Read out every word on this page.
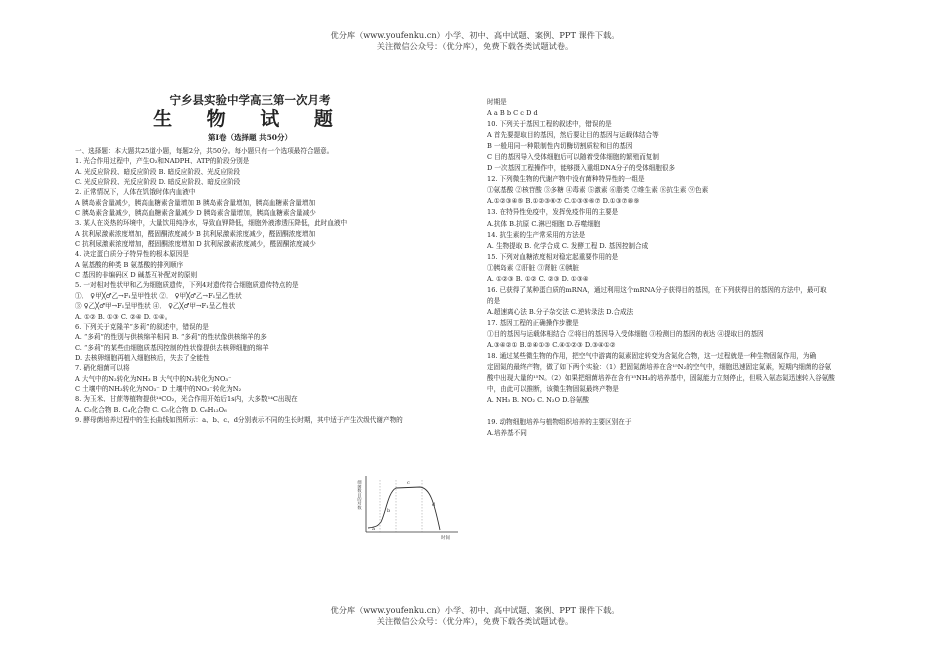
优分库（www.youfenku.cn）小学、初中、高中试题、案例、PPT 课件下载。
关注微信公众号：（优分库），免费下载各类试题试卷。
宁乡县实验中学高三第一次月考
生 物 试 题
第Ⅰ卷（选择题 共50分）
一、选择题：本大题共25道小题，每题2分，共50分。每小题只有一个选项最符合题意。
1. 光合作用过程中，产生O₂和NADPH、ATP的阶段分别是
A. 光反应阶段、暗反应阶段 B. 暗反应阶段、光反应阶段
C. 光反应阶段、光反应阶段 D. 暗反应阶段、暗反应阶段
2. 正常情况下，人体在饥饿时体内血液中
A 胰岛素含量减少，胰高血糖素含量增加 B 胰岛素含量增加，胰高血糖素含量增加
C 胰岛素含量减少，胰高血糖素含量减少 D 胰岛素含量增加，胰高血糖素含量减少
3. 某人在炎热的环境中，大量饮用纯净水，导致血钾降低，细胞外液渗透压降低，此时血液中
A 抗利尿激素浓度增加，醛固酮浓度减少 B 抗利尿激素浓度减少，醛固酮浓度增加
C 抗利尿激素浓度增加，醛固酮浓度增加 D 抗利尿激素浓度减少，醛固酮浓度减少
4. 决定蛋白质分子特异性的根本原因是
A 氨基酸的种类 B 氨基酸的排列顺序
C 基因的非编码区 D 碱基互补配对的原则
5. 一对相对性状甲和乙为细胞质遗传，下列4对遗传符合细胞质遗传特点的是
①． ♀甲╳♂乙→F₁呈甲性状 ②． ♀甲╳♂乙→F₁呈乙性状
③ ♀乙╳♂甲→F₁呈甲性状 ④． ♀乙╳♂甲→F₁呈乙性状
A. ①② B. ①③ C. ②④ D. ①④。
6. 下列关于克隆羊“多莉”的叙述中，错误的是
A. “多莉”的性别与供核绵羊相同 B. “多莉”的性状像供核绵羊的多
C. “多莉”的某些由细胞质基因控制的性状像提供去核卵细胞的绵羊
D. 去核卵细胞再植入细胞核后，失去了全能性
7. 硝化细菌可以将
A 大气中的N₂转化为NH₃ B 大气中的N₂转化为NO₃⁻
C 土壤中的NH₃转化为NO₃⁻ D 土壤中的NO₃⁻转化为N₂
8. 为玉米、甘蔗等植物提供¹⁴CO₂，光合作用开始后1s内，大多数¹⁴C出现在
A. C₃化合物 B. C₄化合物 C. C₅化合物 D. C₆H₁₂O₆
9. 酵母菌培养过程中的生长曲线如图所示：a、b、c、d分别表示不同的生长时期，其中适于产生次级代谢产物的
时期是
A a B b C c D d
10. 下列关于基因工程的叙述中，错误的是
A 首先要提取目的基因，然后要让目的基因与运载体结合等
B 一般用同一种限制性内切酶切割质粒和目的基因
C 目的基因导入受体细胞后可以随着受体细胞的繁殖而复制
D 一次基因工程操作中，能够摄入重组DNA分子的受体细胞很多
12. 下列微生物的代谢产物中没有菌种特异性的一组是
①氨基酸 ②核苷酸 ③多糖 ④毒素 ⑤激素 ⑥脂类 ⑦维生素 ⑧抗生素 ⑨色素
A.①②③④⑤ B.①②③⑥⑦ C.①③⑤⑥⑦ D.①③⑦⑧⑨
13. 在特异性免疫中，发挥免疫作用的主要是
A.抗体 B.抗原 C.淋巴细胞 D.吞噬细胞
14. 抗生素的生产常采用的方法是
A. 生物提取 B. 化学合成 C. 发酵工程 D. 基因控制合成
15. 下列对血糖浓度相对稳定起重要作用的是
①胰岛素 ②肝脏 ③肾脏 ④胰脏
A. ①②③ B. ①② C. ②③ D. ①③④
16. 已获得了某种蛋白质的mRNA，通过利用这个mRNA分子获得目的基因，在下列获得目的基因的方法中，最可取
的是
A.超速离心法 B.分子杂交法 C.逆转录法 D.合成法
17. 基因工程的正确操作步骤是
①目的基因与运载体相结合 ②将目的基因导入受体细胞 ③检测目的基因的表达 ④提取目的基因
A.③④②① B.②④①③ C.④①②③ D.③④①②
18. 通过某些微生物的作用，把空气中游离的氮素固定转变为含氮化合物，这一过程就是一种生物固氮作用，为确
定固氮的最终产物，做了如下两个实验：（1）把固氮菌培养在含¹⁵N₂的空气中，细胞迅速固定氮素，短期内细菌的谷氨
酸中出现大量的¹⁵N。（2）如果把细菌培养在含有¹⁵NH₃的培养基中，固氮能力立刻停止，但吸入氨态氮迅速转入谷氨酸
中，由此可以推断，该微生物固氮最终产物是
A. NH₃ B. NO₂ C. N₂O D.谷氨酸
19. 动物细胞培养与植物组织培养的主要区别在于
A.培养基不同
a
b
c
d
时间
细菌数目的对数
优分库（www.youfenku.cn）小学、初中、高中试题、案例、PPT 课件下载。
关注微信公众号：（优分库），免费下载各类试题试卷。
